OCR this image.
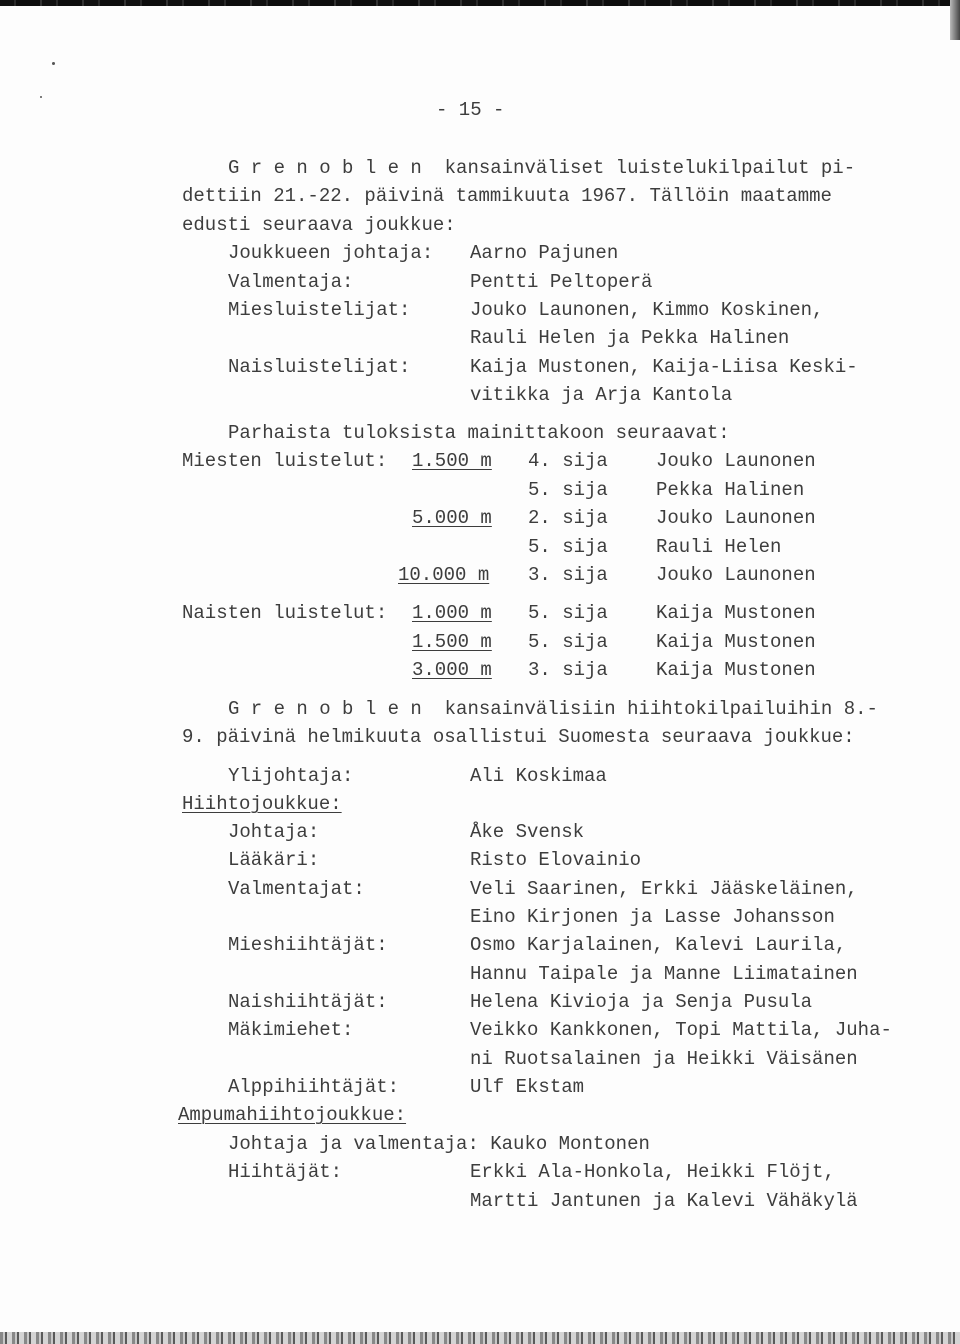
- 15 -
G r e n o b l e n  kansainväliset luistelukilpailut pi-
dettiin 21.-22. päivinä tammikuuta 1967. Tällöin maatamme
edusti seuraava joukkue:
Joukkueen johtaja: Aarno Pajunen
Valmentaja:	Pentti Peltoperä
Miesluistelijat:	Jouko Launonen, Kimmo Koskinen,
Rauli Helen ja Pekka Halinen
Naisluistelijat:	Kaija Mustonen, Kaija-Liisa Keski-
vitikka ja Arja Kantola
Parhaista tuloksista mainittakoon seuraavat:
Miesten luistelut: 1.500 m 4. sija	Jouko Launonen
5. sija	Pekka Halinen
5.000 m 2. sija	Jouko Launonen
5. sija	Rauli Helen
10.000 m 3. sija	Jouko Launonen
Naisten luistelut: 1.000 m 5. sija	Kaija Mustonen
1.500 m 5. sija	Kaija Mustonen
3.000 m 3. sija	Kaija Mustonen
G r e n o b l e n  kansainvälisiin hiihtokilpailuihin 8.-
9. päivinä helmikuuta osallistui Suomesta seuraava joukkue:
Ylijohtaja:	Ali Koskimaa
Hiihtojoukkue:
Johtaja:	Åke Svensk
Lääkäri:	Risto Elovainio
Valmentajat:	Veli Saarinen, Erkki Jääskeläinen,
Eino Kirjonen ja Lasse Johansson
Mieshiihtäjät:	Osmo Karjalainen, Kalevi Laurila,
Hannu Taipale ja Manne Liimatainen
Naishiihtäjät:	Helena Kivioja ja Senja Pusula
Mäkimiehet:	Veikko Kankkonen, Topi Mattila, Juha-
ni Ruotsalainen ja Heikki Väisänen
Alppihiihtäjät:	Ulf Ekstam
Ampumahiihtojoukkue:
Johtaja ja valmentaja: Kauko Montonen
Hiihtäjät:	Erkki Ala-Honkola, Heikki Flöjt,
Martti Jantunen ja Kalevi Vähäkylä
